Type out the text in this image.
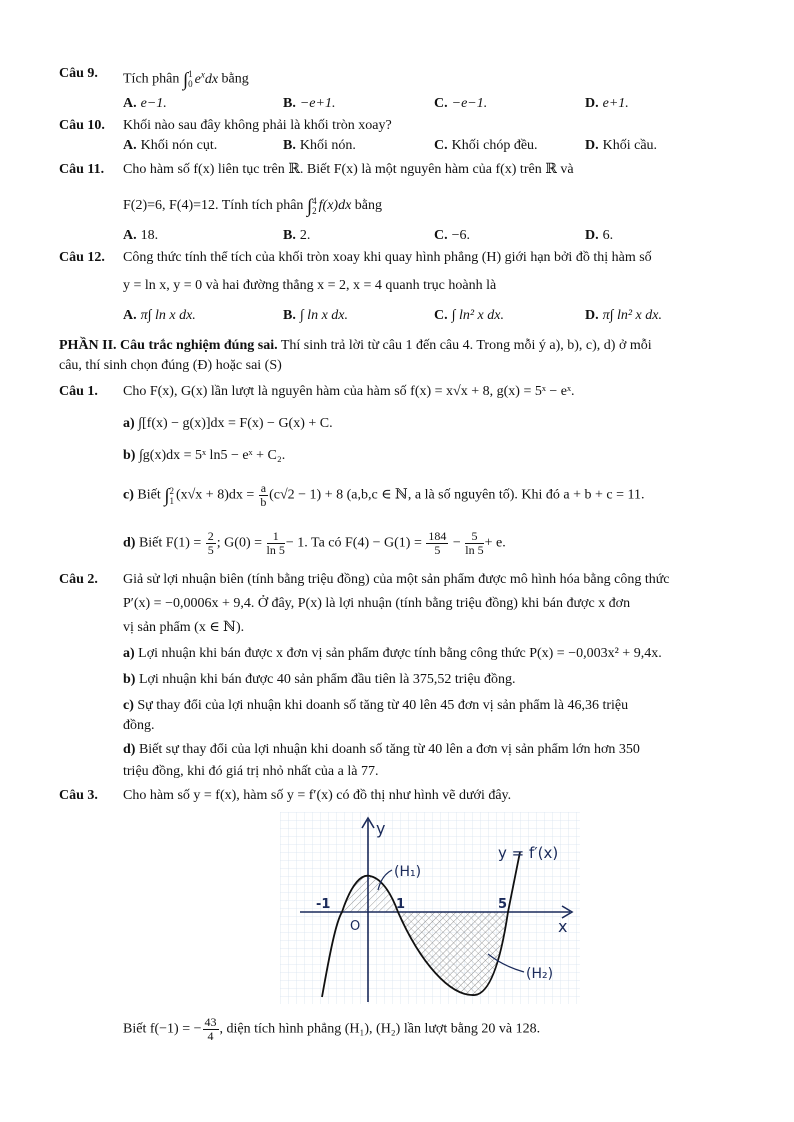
Câu 9. Tích phân ∫ 1
0 $e^xdx$ bằng
A. e−1.	B. −e+1.	C. −e−1.	D. e+1.
Câu 10. Khối nào sau đây không phải là khối tròn xoay?
A. Khối nón cụt.	B. Khối nón.	C. Khối chóp đều.	D. Khối cầu.
Câu 11. Cho hàm số f(x) liên tục trên ℝ. Biết F(x) là một nguyên hàm của f(x) trên ℝ và
F(2)=6, F(4)=12. Tính tích phân ∫ 4
2 f(x)dx bằng
A. 18.	B. 2.	C. −6.	D. 6.
Câu 12. Công thức tính thể tích của khối tròn xoay khi quay hình phẳng (H) giới hạn bởi đồ thị hàm số
y = ln x, y = 0 và hai đường thẳng x = 2, x = 4 quanh trục hoành là
A. π∫ ln x dx.	B. ∫ ln x dx.	C. ∫ ln² x dx.	D. π∫ ln² x dx.
PHẦN II. Câu trắc nghiệm đúng sai. Thí sinh trả lời từ câu 1 đến câu 4. Trong mỗi ý a), b), c), d) ở mỗi
câu, thí sinh chọn đúng (Đ) hoặc sai (S)
Câu 1. Cho F(x), G(x) lần lượt là nguyên hàm của hàm số f(x) = x√x + 8, g(x) = 5ˣ − eˣ.
a) ∫[f(x) − g(x)]dx = F(x) − G(x) + C.
b) ∫g(x)dx = 5ˣ ln5 − eˣ + C₂.
c) Biết ∫ 2
1 $(x√x + 8)dx = \frac{a}{b} (c√2 - 1) + 8$ (a,b,c ∈ ℕ, a là số nguyên tố). Khi đó a + b + c = 11.
d) Biết $F(1) = \frac{2}{5}$ ; $G(0) = \frac{1}{\ln 5} - 1$. Ta có $F(4) - G(1) = \frac{184}{5} - \frac{5}{\ln 5} + e$.
Câu 2. Giả sử lợi nhuận biên (tính bằng triệu đồng) của một sản phẩm được mô hình hóa bằng công thức
P′(x) = −0,0006x + 9,4. Ở đây, P(x) là lợi nhuận (tính bằng triệu đồng) khi bán được x đơn
vị sản phẩm (x ∈ ℕ).
a) Lợi nhuận khi bán được x đơn vị sản phẩm được tính bằng công thức P(x) = −0,003x² + 9,4x.
b) Lợi nhuận khi bán được 40 sản phẩm đầu tiên là 375,52 triệu đồng.
c) Sự thay đổi của lợi nhuận khi doanh số tăng từ 40 lên 45 đơn vị sản phẩm là 46,36 triệu
đồng.
d) Biết sự thay đổi của lợi nhuận khi doanh số tăng từ 40 lên a đơn vị sản phẩm lớn hơn 350
triệu đồng, khi đó giá trị nhỏ nhất của a là 77.
Câu 3. Cho hàm số y = f(x), hàm số y = f′(x) có đồ thị như hình vẽ dưới đây.
y
x
O
-1	1	5
y = f′(x)
(H₁)
(H₂)
Biết f(−1) = − $\frac{43}{4}$ , diện tích hình phẳng (H₁), (H₂) lần lượt bằng 20 và 128.
